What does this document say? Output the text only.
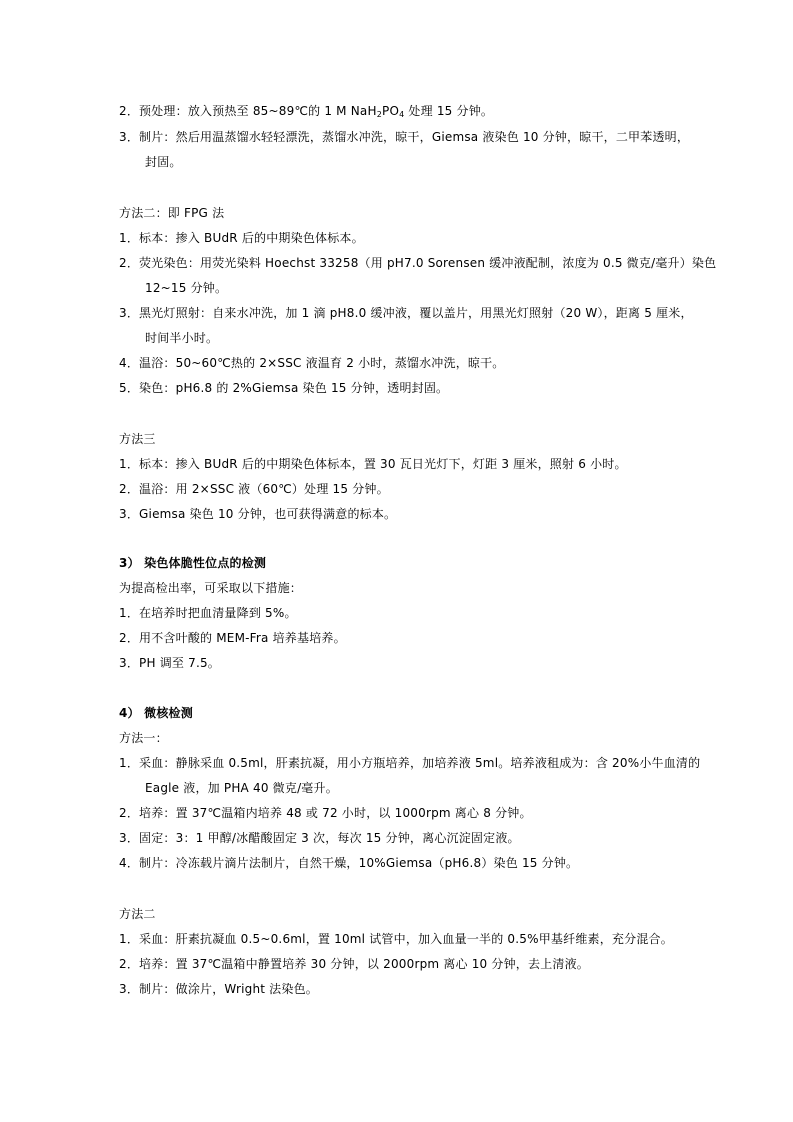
2．预处理：放入预热至 85~89℃的 1 M $NaH_2PO_4$ 处理 15 分钟。
3．制片：然后用温蒸馏水轻轻漂洗，蒸馏水冲洗，晾干，Giemsa 液染色 10 分钟，晾干，二甲苯透明，
封固。
方法二：即 FPG 法
1．标本：掺入 BUdR 后的中期染色体标本。
2．荧光染色：用荧光染料 Hoechst 33258（用 pH7.0 Sorensen 缓冲液配制，浓度为 0.5 微克/毫升）染色
12~15 分钟。
3．黑光灯照射：自来水冲洗，加 1 滴 pH8.0 缓冲液，覆以盖片，用黑光灯照射（20 W），距离 5 厘米，
时间半小时。
4．温浴：50~60℃热的 2×SSC 液温育 2 小时，蒸馏水冲洗，晾干。
5．染色：pH6.8 的 2%Giemsa 染色 15 分钟，透明封固。
方法三
1．标本：掺入 BUdR 后的中期染色体标本，置 30 瓦日光灯下，灯距 3 厘米，照射 6 小时。
2．温浴：用 2×SSC 液（60℃）处理 15 分钟。
3．Giemsa 染色 10 分钟，也可获得满意的标本。
3） 染色体脆性位点的检测
为提高检出率，可采取以下措施：
1．在培养时把血清量降到 5%。
2．用不含叶酸的 MEM-Fra 培养基培养。
3．PH 调至 7.5。
4） 微核检测
方法一：
1．采血：静脉采血 0.5ml，肝素抗凝，用小方瓶培养，加培养液 5ml。培养液租成为：含 20%小牛血清的
Eagle 液，加 PHA 40 微克/毫升。
2．培养：置 37℃温箱内培养 48 或 72 小时，以 1000rpm 离心 8 分钟。
3．固定：3：1 甲醇/冰醋酸固定 3 次，每次 15 分钟，离心沉淀固定液。
4．制片：冷冻载片滴片法制片，自然干燥，10%Giemsa（pH6.8）染色 15 分钟。
方法二
1．采血：肝素抗凝血 0.5~0.6ml，置 10ml 试管中，加入血量一半的 0.5%甲基纤维素，充分混合。
2．培养：置 37℃温箱中静置培养 30 分钟，以 2000rpm 离心 10 分钟，去上清液。
3．制片：做涂片，Wright 法染色。
